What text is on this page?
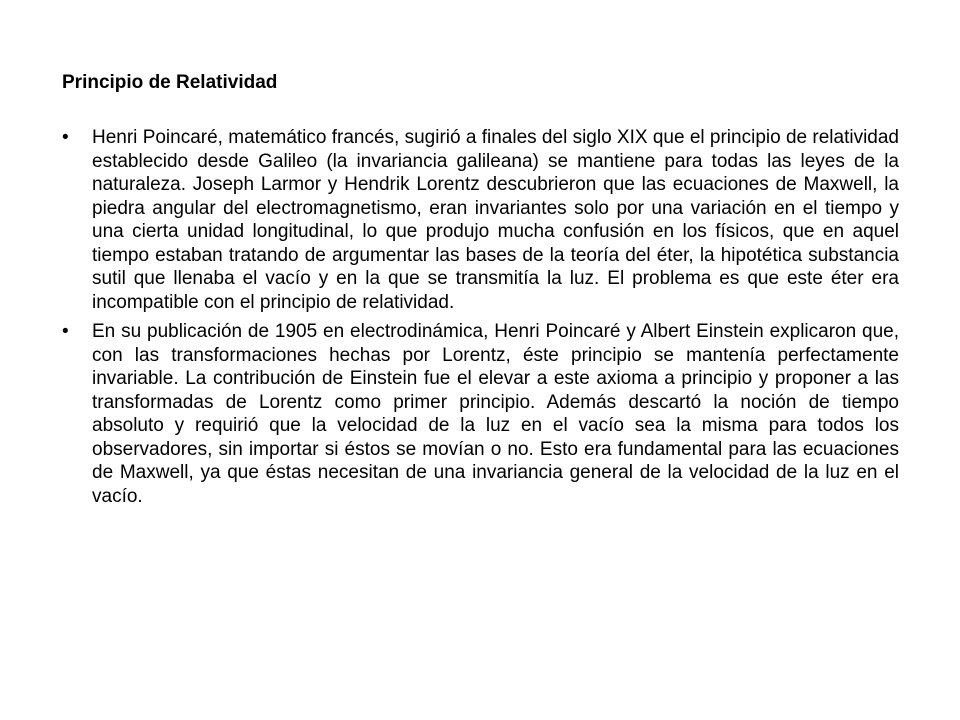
Principio de Relatividad
• Henri Poincaré, matemático francés, sugirió a finales del siglo XIX que el principio de relatividad establecido desde Galileo (la invariancia galileana) se mantiene para todas las leyes de la naturaleza. Joseph Larmor y Hendrik Lorentz descubrieron que las ecuaciones de Maxwell, la piedra angular del electromagnetismo, eran invariantes solo por una variación en el tiempo y una cierta unidad longitudinal, lo que produjo mucha confusión en los físicos, que en aquel tiempo estaban tratando de argumentar las bases de la teoría del éter, la hipotética substancia sutil que llenaba el vacío y en la que se transmitía la luz. El problema es que este éter era incompatible con el principio de relatividad.
• En su publicación de 1905 en electrodinámica, Henri Poincaré y Albert Einstein explicaron que, con las transformaciones hechas por Lorentz, éste principio se mantenía perfectamente invariable. La contribución de Einstein fue el elevar a este axioma a principio y proponer a las transformadas de Lorentz como primer principio. Además descartó la noción de tiempo absoluto y requirió que la velocidad de la luz en el vacío sea la misma para todos los observadores, sin importar si éstos se movían o no. Esto era fundamental para las ecuaciones de Maxwell, ya que éstas necesitan de una invariancia general de la velocidad de la luz en el vacío.
